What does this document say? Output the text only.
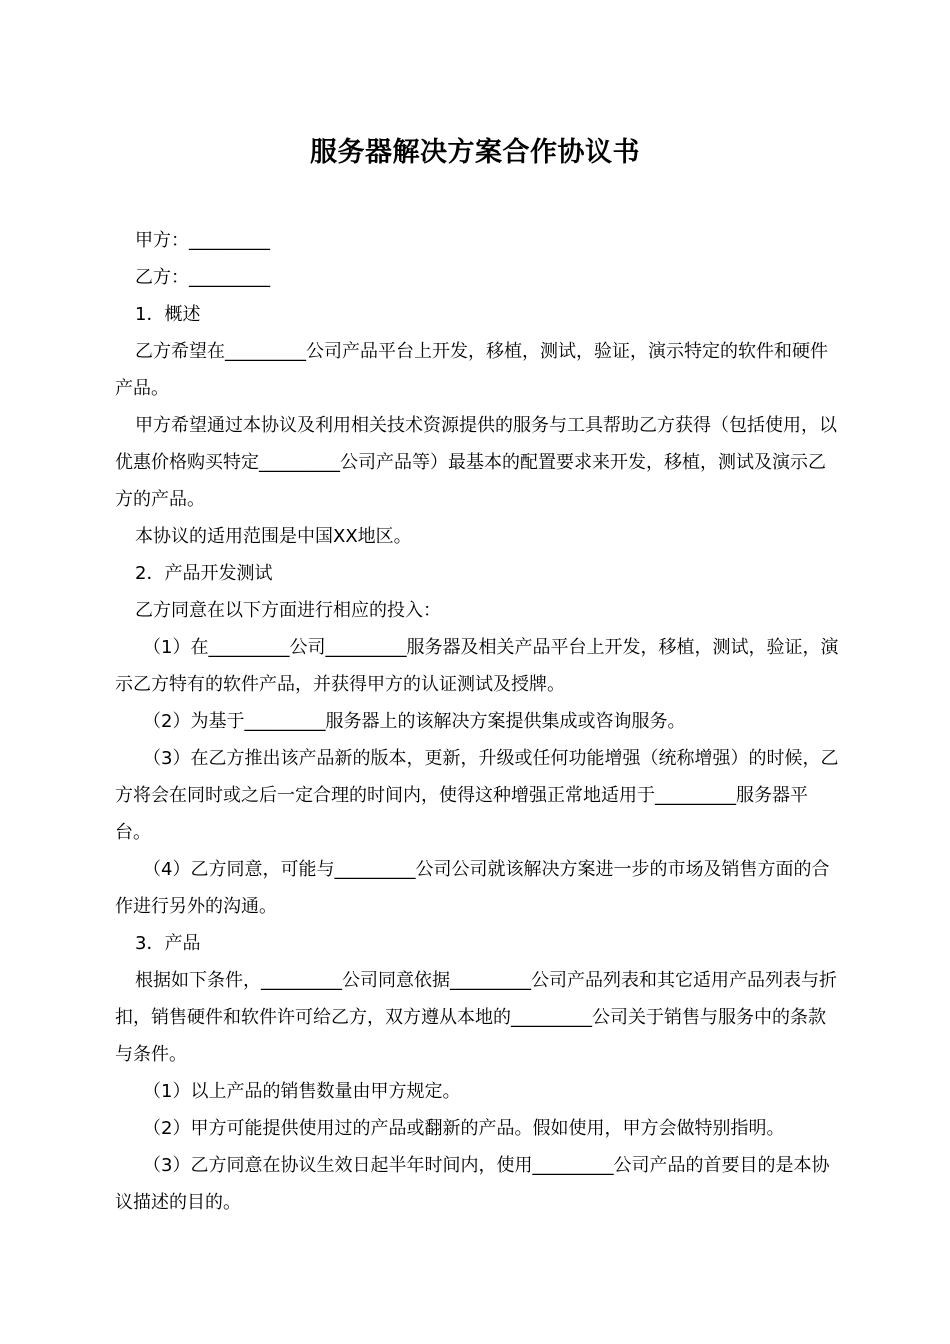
服务器解决方案合作协议书

甲方：_________

乙方：_________

1．概述

乙方希望在_________公司产品平台上开发，移植，测试，验证，演示特定的软件和硬件产品。

甲方希望通过本协议及利用相关技术资源提供的服务与工具帮助乙方获得（包括使用，以优惠价格购买特定_________公司产品等）最基本的配置要求来开发，移植，测试及演示乙方的产品。

本协议的适用范围是中国XX地区。

2．产品开发测试

乙方同意在以下方面进行相应的投入：

（1）在_________公司_________服务器及相关产品平台上开发，移植，测试，验证，演示乙方特有的软件产品，并获得甲方的认证测试及授牌。

（2）为基于_________服务器上的该解决方案提供集成或咨询服务。

（3）在乙方推出该产品新的版本，更新，升级或任何功能增强（统称增强）的时候，乙方将会在同时或之后一定合理的时间内，使得这种增强正常地适用于_________服务器平台。

（4）乙方同意，可能与_________公司公司就该解决方案进一步的市场及销售方面的合作进行另外的沟通。

3．产品

根据如下条件，_________公司同意依据_________公司产品列表和其它适用产品列表与折扣，销售硬件和软件许可给乙方，双方遵从本地的_________公司关于销售与服务中的条款与条件。

（1）以上产品的销售数量由甲方规定。

（2）甲方可能提供使用过的产品或翻新的产品。假如使用，甲方会做特别指明。

（3）乙方同意在协议生效日起半年时间内，使用_________公司产品的首要目的是本协议描述的目的。
